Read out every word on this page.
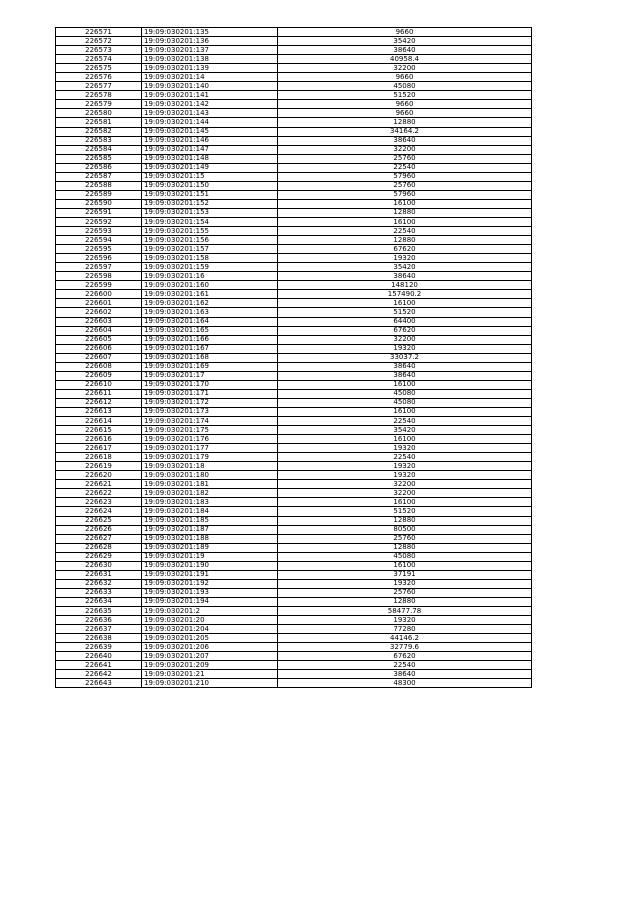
226571	19:09:030201:135	9660
226572	19:09:030201:136	35420
226573	19:09:030201:137	38640
226574	19:09:030201:138	40958.4
226575	19:09:030201:139	32200
226576	19:09:030201:14	9660
226577	19:09:030201:140	45080
226578	19:09:030201:141	51520
226579	19:09:030201:142	9660
226580	19:09:030201:143	9660
226581	19:09:030201:144	12880
226582	19:09:030201:145	34164.2
226583	19:09:030201:146	38640
226584	19:09:030201:147	32200
226585	19:09:030201:148	25760
226586	19:09:030201:149	22540
226587	19:09:030201:15	57960
226588	19:09:030201:150	25760
226589	19:09:030201:151	57960
226590	19:09:030201:152	16100
226591	19:09:030201:153	12880
226592	19:09:030201:154	16100
226593	19:09:030201:155	22540
226594	19:09:030201:156	12880
226595	19:09:030201:157	67620
226596	19:09:030201:158	19320
226597	19:09:030201:159	35420
226598	19:09:030201:16	38640
226599	19:09:030201:160	148120
226600	19:09:030201:161	157490.2
226601	19:09:030201:162	16100
226602	19:09:030201:163	51520
226603	19:09:030201:164	64400
226604	19:09:030201:165	67620
226605	19:09:030201:166	32200
226606	19:09:030201:167	19320
226607	19:09:030201:168	33037.2
226608	19:09:030201:169	38640
226609	19:09:030201:17	38640
226610	19:09:030201:170	16100
226611	19:09:030201:171	45080
226612	19:09:030201:172	45080
226613	19:09:030201:173	16100
226614	19:09:030201:174	22540
226615	19:09:030201:175	35420
226616	19:09:030201:176	16100
226617	19:09:030201:177	19320
226618	19:09:030201:179	22540
226619	19:09:030201:18	19320
226620	19:09:030201:180	19320
226621	19:09:030201:181	32200
226622	19:09:030201:182	32200
226623	19:09:030201:183	16100
226624	19:09:030201:184	51520
226625	19:09:030201:185	12880
226626	19:09:030201:187	80500
226627	19:09:030201:188	25760
226628	19:09:030201:189	12880
226629	19:09:030201:19	45080
226630	19:09:030201:190	16100
226631	19:09:030201:191	37191
226632	19:09:030201:192	19320
226633	19:09:030201:193	25760
226634	19:09:030201:194	12880
226635	19:09:030201:2	58477.78
226636	19:09:030201:20	19320
226637	19:09:030201:204	77280
226638	19:09:030201:205	44146.2
226639	19:09:030201:206	32779.6
226640	19:09:030201:207	67620
226641	19:09:030201:209	22540
226642	19:09:030201:21	38640
226643	19:09:030201:210	48300
